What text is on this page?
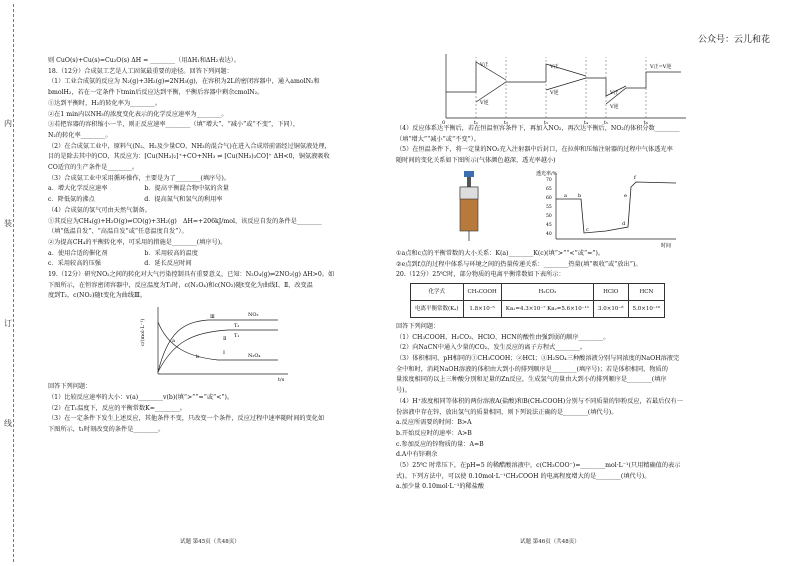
内
装
订
线
公众号：云儿和花

则 CuO(s)+Cu(s)=Cu₂O(s) ΔH = ________（用ΔH₁和ΔH₂表达）。

18.（12分）合成氨工艺是人工固氮最重要的途径。回答下列问题：

（1）工业合成氨的反应为 N₂(g)+3H₂(g)⇌2NH₃(g)，在容积为2L的密闭容器中，通入amolN₂和

bmolH₂，若在一定条件下tmin后反应达到平衡，平衡后容器中剩余cmolN₂。

①达到平衡时，H₂的转化率为________。

②在1 min内以NH₃的浓度变化表示的化学反应速率为________。

③若把容器的容积缩小一半，则正反应速率________（填“增大”、“减小”或“不变”，下同），

N₂的转化率________。

（2）在合成氨工业中，原料气(N₂、H₂及少量CO、NH₃的混合气)在进入合成塔前需经过铜氨液处理，

目的是除去其中的CO，其反应为：[Cu(NH₃)₂]⁺+CO+NH₃ ⇌ [Cu(NH₃)₃CO]⁺ ΔH<0，铜氨液吸收

CO适宜的生产条件是________。

（3）合成氨工业中采用循环操作，主要是为了________(填序号)。

a．增大化学反应速率　　　　　　b．提高平衡混合物中氨的含量

c．降低氨的沸点　　　　　　　　d．提高氮气和氢气的利用率

（4）合成氨的氢气可由天然气制备。

①其反应为CH₄(g)+H₂O(g)⇌CO(g)+3H₂(g)　ΔH=+206kJ/mol，该反应自发的条件是________

（填“低温自发”、“高温自发”或“任意温度自发”）。

②为提高CH₄的平衡转化率，可采用的措施是________(填序号)。

a．使用合适的催化剂　　　　　　b．采用较高的温度

c．采用较高的压强　　　　　　　d．延长反应时间

19.（12分）研究NO₂之间的转化对大气污染控制具有重要意义，已知：N₂O₄(g)⇌2NO₂(g) ΔH>0。如

下图所示，在恒容密闭容器中，反应温度为T₁时，c(N₂O₄)和c(NO₂)随t变化为曲线Ⅰ、Ⅱ，改变温

度到T₂，c(NO₂)随t变化为曲线Ⅲ。

c/(mol·L⁻¹)
t/s
NO₂
N₂O₄
T₂
T₁
Ⅰ
Ⅱ
Ⅲ
a
b

回答下列问题：

（1）比较反应速率的大小：v(a)________v(b)(填“>”“=”或“<”)。

（2）在T₁温度下，反应的平衡常数K=________。

（3）在一定条件下发生上述反应，其他条件不变，只改变一个条件，反应过程中速率随时间的变化如

下图所示，t₁时刻改变的条件是________。

V正
V逆
V正
V逆	V正
V逆
V正=V逆
0	t₁	t₂	t₃	t₄	t₅	t₆

（4）反应体系达平衡后，若在恒温恒容条件下，再加入NO₂，再次达平衡后，NO₂的体积分数________

（填“增大”“减小”或“不变”）。

（5）在恒温条件下，将一定量的NO₂充入注射器中后封口，在拉伸和压缩注射器的过程中气体透光率

随时间的变化关系如下图所示(气体颜色越深，透光率越小)

透光率/%
时间
70
65
60
55
50
45
40
a b
c
d
e
f

①a点和c点的平衡常数的大小关系：K(a)________K(c)(填“>”“<”或“=”)。

②e点到f点的过程中体系与环境之间的热量传递关系：________热量(填“吸收”或“放出”)。

20.（12分）25℃时，部分物质的电离平衡常数如下表所示：

化学式	CH₃COOH	H₂CO₃	HClO	HCN
电离平衡常数(Kₐ)	1.8×10⁻⁵	Ka₁=4.3×10⁻⁷ Ka₂=5.6×10⁻¹¹	3.0×10⁻⁸	5.0×10⁻¹⁰

回答下列问题：

（1）CH₃COOH、H₂CO₃、HClO、HCN的酸性由强到弱的顺序________。

（2）向NaCN中通入少量的CO₂，发生反应的离子方程式________。

（3）体积相同、pH相同的①CH₃COOH；②HCl；③H₂SO₄三种酸溶液分别与同浓度的NaOH溶液完

全中和时，消耗NaOH溶液的体积由大到小的排列顺序是________(填序号)；若是体积相同，物质的

量浓度相同的以上三种酸分别和足量的Zn反应，生成氢气的量由大到小的排列顺序是________(填序

号)。

（4）H⁺浓度相同等体积的两份溶液A(盐酸)和B(CH₃COOH)分别与不同质量的锌粉反应，若最后仅有一

份溶液中存在锌，放出氢气的质量相同，则下列说法正确的是________(填代号)。

a.反应所需要的时间：B>A

b.开始反应时的速率：A>B

c.参加反应的锌物质的量：A=B

d.A中有锌剩余

（5）25℃ 时常压下，在pH=5 的稀醋酸溶液中，c(CH₃COO⁻)=________mol·L⁻¹(只用精确值的表示

式)。下列方法中，可以使 0.10mol·L⁻¹CH₃COOH 的电离程度增大的是________(填代号)。

a.加少量 0.10mol·L⁻¹的稀盐酸

试题 第45页（共48页）	试题 第46页（共48页）
